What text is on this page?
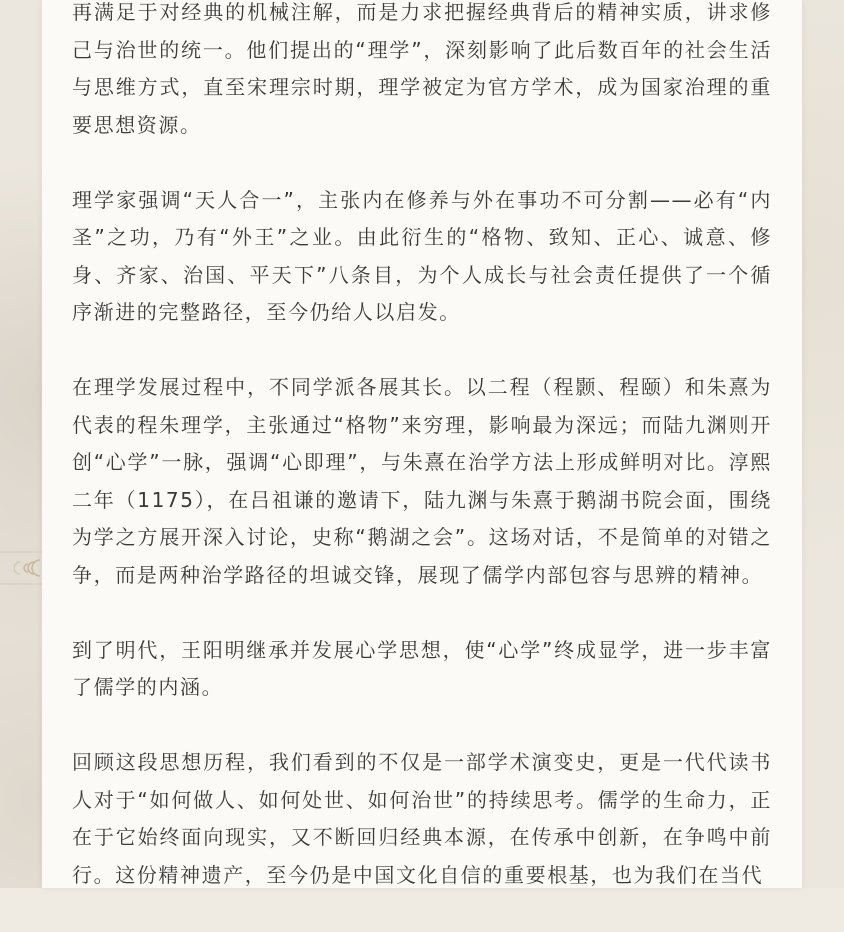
再满足于对经典的机械注解，而是力求把握经典背后的精神实质，讲求修己与治世的统一。他们提出的“理学”，深刻影响了此后数百年的社会生活与思维方式，直至宋理宗时期，理学被定为官方学术，成为国家治理的重要思想资源。

理学家强调“天人合一”，主张内在修养与外在事功不可分割——必有“内圣”之功，乃有“外王”之业。由此衍生的“格物、致知、正心、诚意、修身、齐家、治国、平天下”八条目，为个人成长与社会责任提供了一个循序渐进的完整路径，至今仍给人以启发。

在理学发展过程中，不同学派各展其长。以二程（程颢、程颐）和朱熹为代表的程朱理学，主张通过“格物”来穷理，影响最为深远；而陆九渊则开创“心学”一脉，强调“心即理”，与朱熹在治学方法上形成鲜明对比。淳熙二年（1175），在吕祖谦的邀请下，陆九渊与朱熹于鹅湖书院会面，围绕为学之方展开深入讨论，史称“鹅湖之会”。这场对话，不是简单的对错之争，而是两种治学路径的坦诚交锋，展现了儒学内部包容与思辨的精神。

到了明代，王阳明继承并发展心学思想，使“心学”终成显学，进一步丰富了儒学的内涵。

回顾这段思想历程，我们看到的不仅是一部学术演变史，更是一代代读书人对于“如何做人、如何处世、如何治世”的持续思考。儒学的生命力，正在于它始终面向现实，又不断回归经典本源，在传承中创新，在争鸣中前行。这份精神遗产，至今仍是中国文化自信的重要根基，也为我们在当代
